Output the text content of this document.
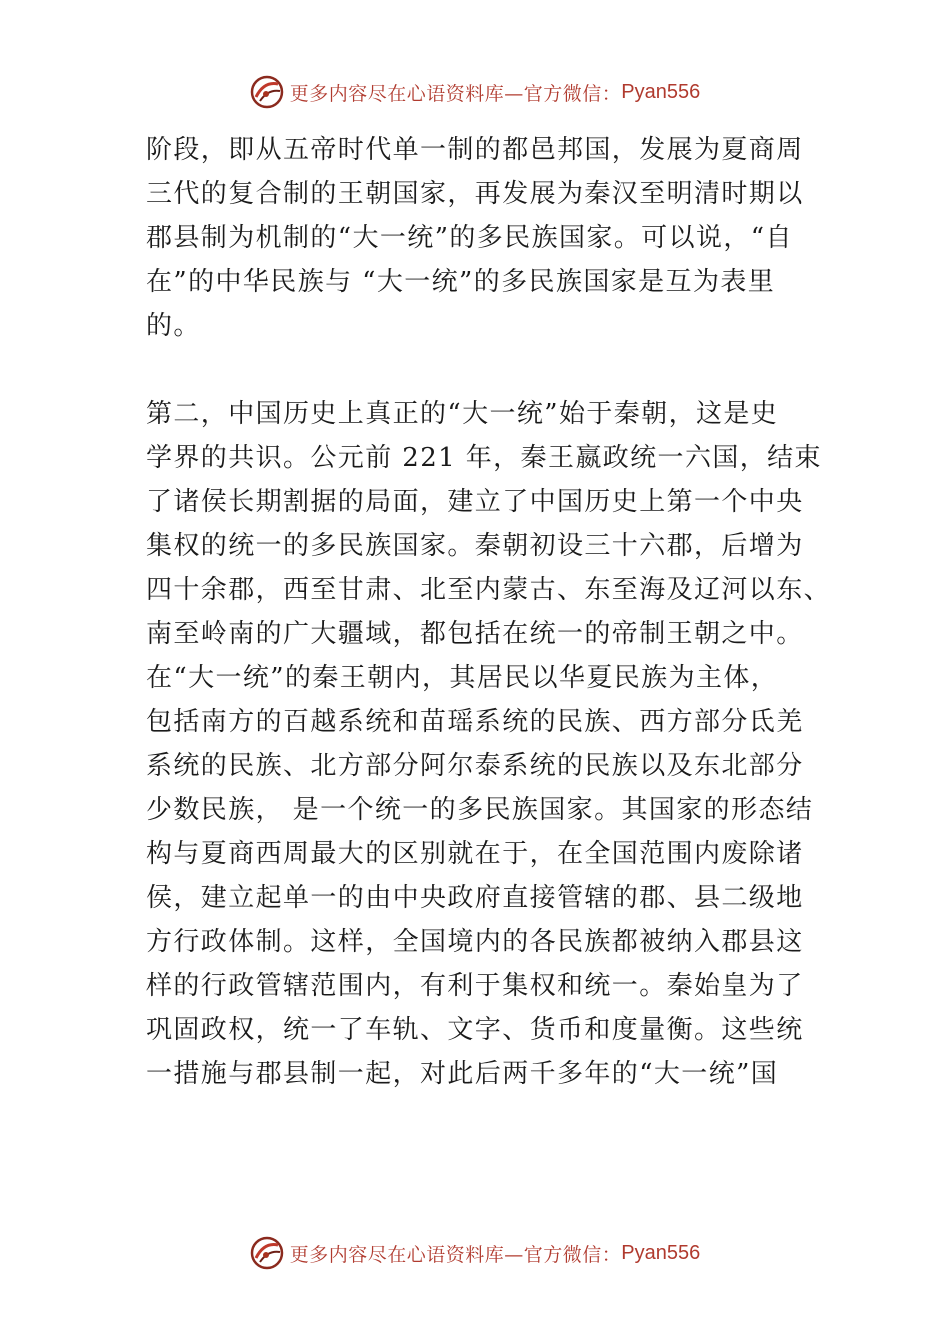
更多内容尽在心语资料库—官方微信： Pyan556
阶段，即从五帝时代单一制的都邑邦国，发展为夏商周
三代的复合制的王朝国家，再发展为秦汉至明清时期以
郡县制为机制的“大一统”的多民族国家。可以说，“自
在”的中华民族与 “大一统”的多民族国家是互为表里
的。
第二，中国历史上真正的“大一统”始于秦朝，这是史
学界的共识。公元前 221 年，秦王嬴政统一六国，结束
了诸侯长期割据的局面，建立了中国历史上第一个中央
集权的统一的多民族国家。秦朝初设三十六郡，后增为
四十余郡，西至甘肃、北至内蒙古、东至海及辽河以东、
南至岭南的广大疆域，都包括在统一的帝制王朝之中。
在“大一统”的秦王朝内，其居民以华夏民族为主体，
包括南方的百越系统和苗瑶系统的民族、西方部分氐羌
系统的民族、北方部分阿尔泰系统的民族以及东北部分
少数民族， 是一个统一的多民族国家。其国家的形态结
构与夏商西周最大的区别就在于，在全国范围内废除诸
侯，建立起单一的由中央政府直接管辖的郡、县二级地
方行政体制。这样，全国境内的各民族都被纳入郡县这
样的行政管辖范围内，有利于集权和统一。秦始皇为了
巩固政权，统一了车轨、文字、货币和度量衡。这些统
一措施与郡县制一起，对此后两千多年的“大一统”国
更多内容尽在心语资料库—官方微信： Pyan556
